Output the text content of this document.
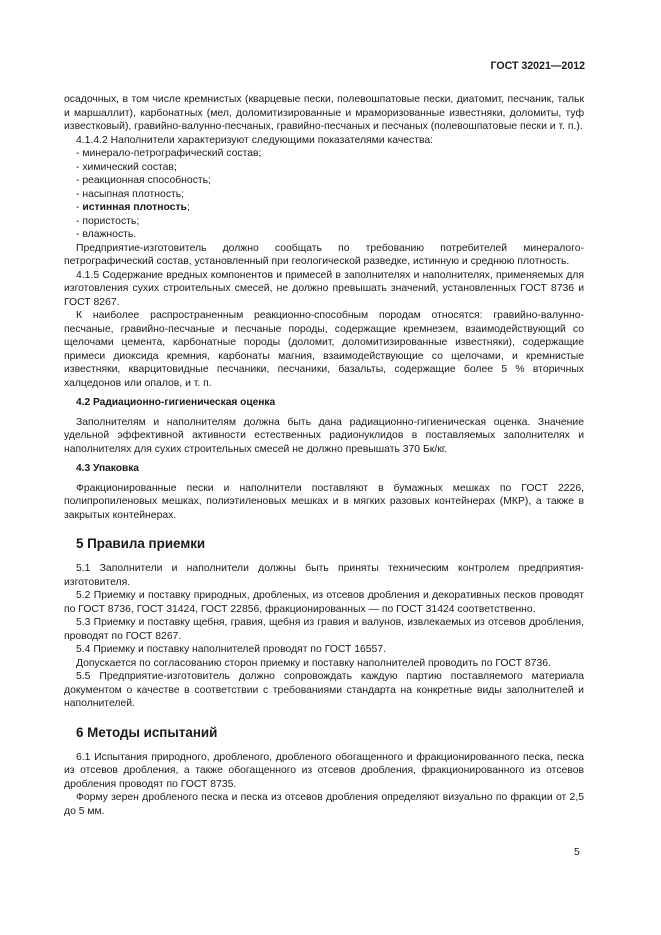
ГОСТ 32021—2012

осадочных, в том числе кремнистых (кварцевые пески, полевошпатовые пески, диатомит, песчаник, тальк и маршаллит), карбонатных (мел, доломитизированные и мраморизованные известняки, доломиты, туф известковый), гравийно-валунно-песчаных, гравийно-песчаных и песчаных (полевошпатовые пески и т. п.).

4.1.4.2 Наполнители характеризуют следующими показателями качества:

- минерало-петрографический состав;

- химический состав;

- реакционная способность;

- насыпная плотность;

- истинная плотность;

- пористость;

- влажность.

Предприятие-изготовитель должно сообщать по требованию потребителей минералого-петрографический состав, установленный при геологической разведке, истинную и среднюю плотность.

4.1.5 Содержание вредных компонентов и примесей в заполнителях и наполнителях, применяемых для изготовления сухих строительных смесей, не должно превышать значений, установленных ГОСТ 8736 и ГОСТ 8267.

К наиболее распространенным реакционно-способным породам относятся: гравийно-валунно-песчаные, гравийно-песчаные и песчаные породы, содержащие кремнезем, взаимодействующий со щелочами цемента, карбонатные породы (доломит, доломитизированные известняки), содержащие примеси диоксида кремния, карбонаты магния, взаимодействующие со щелочами, и кремнистые известняки, кварцитовидные песчаники, песчаники, базальты, содержащие более 5 % вторичных халцедонов или опалов, и т. п.

4.2 Радиационно-гигиеническая оценка

Заполнителям и наполнителям должна быть дана радиационно-гигиеническая оценка. Значение удельной эффективной активности естественных радионуклидов в поставляемых заполнителях и наполнителях для сухих строительных смесей не должно превышать 370 Бк/кг.

4.3 Упаковка

Фракционированные пески и наполнители поставляют в бумажных мешках по ГОСТ 2226, полипропиленовых мешках, полиэтиленовых мешках и в мягких разовых контейнерах (МКР), а также в закрытых контейнерах.

5 Правила приемки

5.1 Заполнители и наполнители должны быть приняты техническим контролем предприятия-изготовителя.

5.2 Приемку и поставку природных, дробленых, из отсевов дробления и декоративных песков проводят по ГОСТ 8736, ГОСТ 31424, ГОСТ 22856, фракционированных — по ГОСТ 31424 соответственно.

5.3 Приемку и поставку щебня, гравия, щебня из гравия и валунов, извлекаемых из отсевов дробления, проводят по ГОСТ 8267.

5.4 Приемку и поставку наполнителей проводят по ГОСТ 16557.

Допускается по согласованию сторон приемку и поставку наполнителей проводить по ГОСТ 8736.

5.5 Предприятие-изготовитель должно сопровождать каждую партию поставляемого материала документом о качестве в соответствии с требованиями стандарта на конкретные виды заполнителей и наполнителей.

6 Методы испытаний

6.1 Испытания природного, дробленого, дробленого обогащенного и фракционированного песка, песка из отсевов дробления, а также обогащенного из отсевов дробления, фракционированного из отсевов дробления проводят по ГОСТ 8735.

Форму зерен дробленого песка и песка из отсевов дробления определяют визуально по фракции от 2,5 до 5 мм.

5
